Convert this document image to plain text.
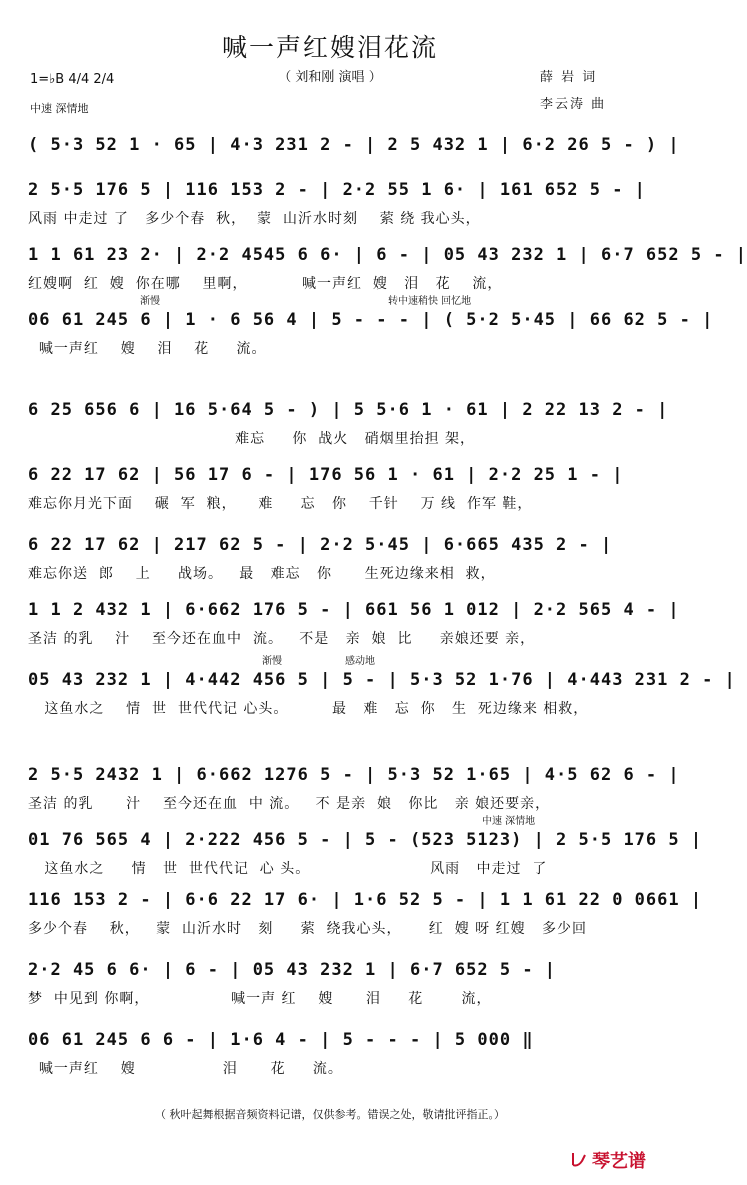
喊一声红嫂泪花流
（ 刘和刚 演唱 ）
1=♭B 4/4 2/4
中速 深情地
薛 岩 词
李云涛 曲
( 5·3 52 1 · 65 | 4·3 231 2 - | 2 5 432 1 | 6·2 26 5 - ) |
2 5·5 176 5 | 116 153 2 - | 2·2 55 1 6· | 161 652 5 - |
风雨 中走过 了   多少个春  秋，  蒙  山沂水时刻    萦 绕 我心头，
1 1 61 23 2· | 2·2 4545 6 6· | 6 - | 05 43 232 1 | 6·7 652 5 - |
红嫂啊  红  嫂  你在哪    里啊，          喊一声红  嫂   泪   花    流，
06 61 245 6 | 1 · 6 56 4 | 5 - - - | ( 5·2 5·45 | 66 62 5 - |
喊一声红    嫂    泪    花     流。
渐慢	转中速稍快 回忆地
6 25 656 6 | 16 5·64 5 - ) | 5 5·6 1 · 61 | 2 22 13 2 - |
难忘     你  战火   硝烟里抬担 架，
6 22 17 62 | 56 17 6 - | 176 56 1 · 61 | 2·2 25 1 - |
难忘你月光下面    碾  军  粮，    难     忘   你    千针    万 线  作军 鞋，
6 22 17 62 | 217 62 5 - | 2·2 5·45 | 6·665 435 2 - |
难忘你送  郎    上     战场。   最   难忘   你      生死边缘来相  救，
1 1 2 432 1 | 6·662 176 5 - | 661 56 1 012 | 2·2 565 4 - |
圣洁 的乳    汁    至今还在血中  流。   不是   亲  娘  比     亲娘还要 亲，
05 43 232 1 | 4·442 456 5 | 5 - | 5·3 52 1·76 | 4·443 231 2 - |
这鱼水之    情  世  世代代记 心头。        最   难   忘  你   生  死边缘来 相救，
渐慢	感动地
2 5·5 2432 1 | 6·662 1276 5 - | 5·3 52 1·65 | 4·5 62 6 - |
圣洁 的乳      汁    至今还在血  中 流。   不 是亲  娘   你比   亲 娘还要亲，
01 76 565 4 | 2·222 456 5 - | 5 - (523 5123) | 2 5·5 176 5 |
这鱼水之     情   世  世代代记  心 头。                      风雨   中走过  了
中速 深情地
116 153 2 - | 6·6 22 17 6· | 1·6 52 5 - | 1 1 61 22 0 0661 |
多少个春    秋，   蒙  山沂水时   刻     萦  绕我心头，     红  嫂 呀 红嫂   多少回
2·2 45 6 6· | 6 - | 05 43 232 1 | 6·7 652 5 - |
梦  中见到 你啊，               喊一声 红    嫂      泪     花       流，
06 61 245 6 6 - | 1·6 4 - | 5 - - - | 5 000 ‖
喊一声红    嫂                泪      花     流。
（ 秋叶起舞根据音频资料记谱，仅供参考。错误之处，敬请批评指正。）
琴艺谱
